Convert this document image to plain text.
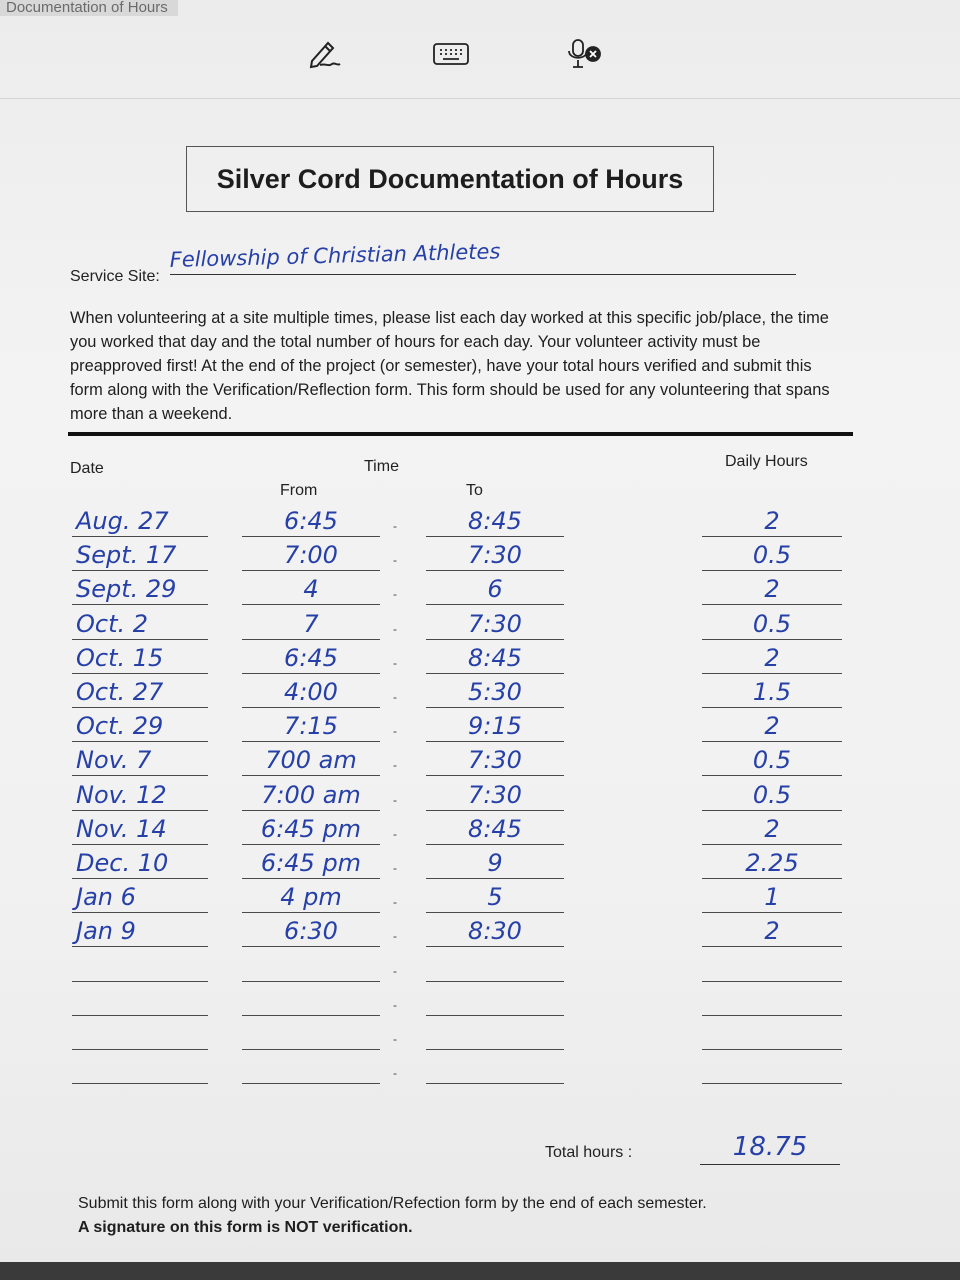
Documentation of Hours
Silver Cord Documentation of Hours
Service Site:
Fellowship of Christian Athletes
When volunteering at a site multiple times, please list each day worked at this specific job/place, the time you worked that day and the total number of hours for each day. Your volunteer activity must be preapproved first! At the end of the project (or semester), have your total hours verified and submit this form along with the Verification/Reflection form. This form should be used for any volunteering that spans more than a weekend.
Date	Time
From	To
Daily Hours
Aug. 27	6:45	8:45	2
-
Sept. 17	7:00	7:30	0.5
-
Sept. 29	4	6	2
-
Oct. 2	7	7:30	0.5
-
Oct. 15	6:45	8:45	2
-
Oct. 27	4:00	5:30	1.5
-
Oct. 29	7:15	9:15	2
-
Nov. 7	700 am	7:30	0.5
-
Nov. 12	7:00 am	7:30	0.5
-
Nov. 14	6:45 pm	8:45	2
-
Dec. 10	6:45 pm	9	2.25
-
Jan 6	4 pm	5	1
-
Jan 9	6:30	8:30	2
-
-
-
-
-
Total hours :	18.75
Submit this form along with your Verification/Refection form by the end of each semester.
A signature on this form is NOT verification.
